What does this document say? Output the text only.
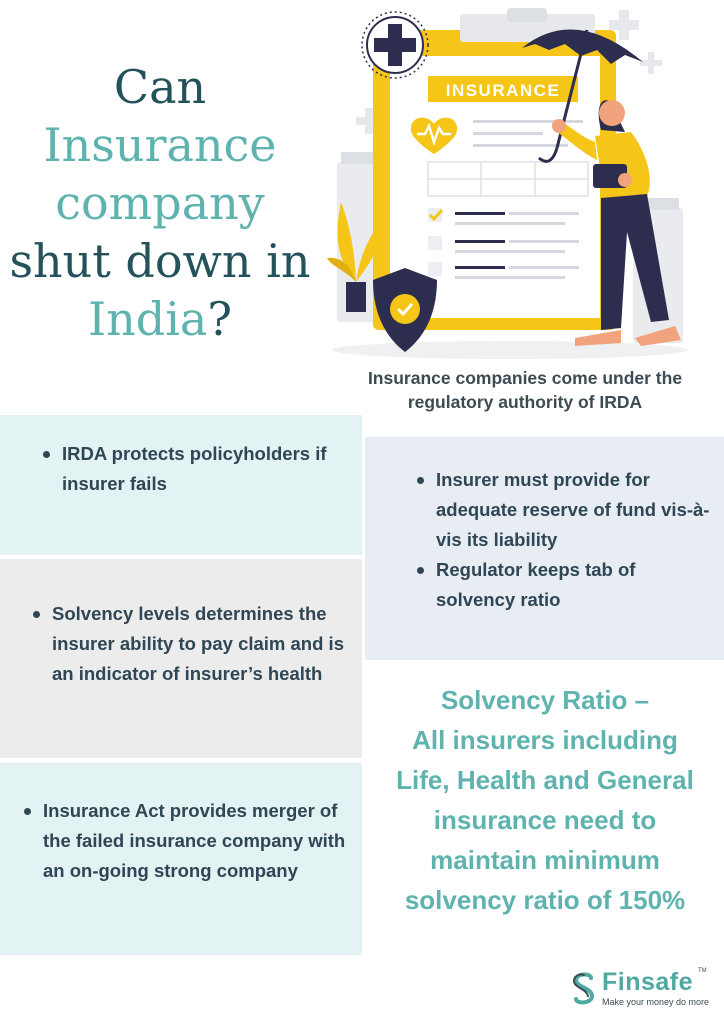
Can
Insurance
company
shut down in
India?
INSURANCE
Insurance companies come under the
regulatory authority of IRDA
IRDA protects policyholders if insurer fails
Solvency levels determines the insurer ability to pay claim and is an indicator of insurer’s health
Insurance Act provides merger of the failed insurance company with an on-going strong company
Insurer must provide for adequate reserve of fund vis-à-vis its liability
Regulator keeps tab of solvency ratio
Solvency Ratio –
All insurers including
Life, Health and General
insurance need to
maintain minimum
solvency ratio of 150%
Finsafe TM
Make your money do more
